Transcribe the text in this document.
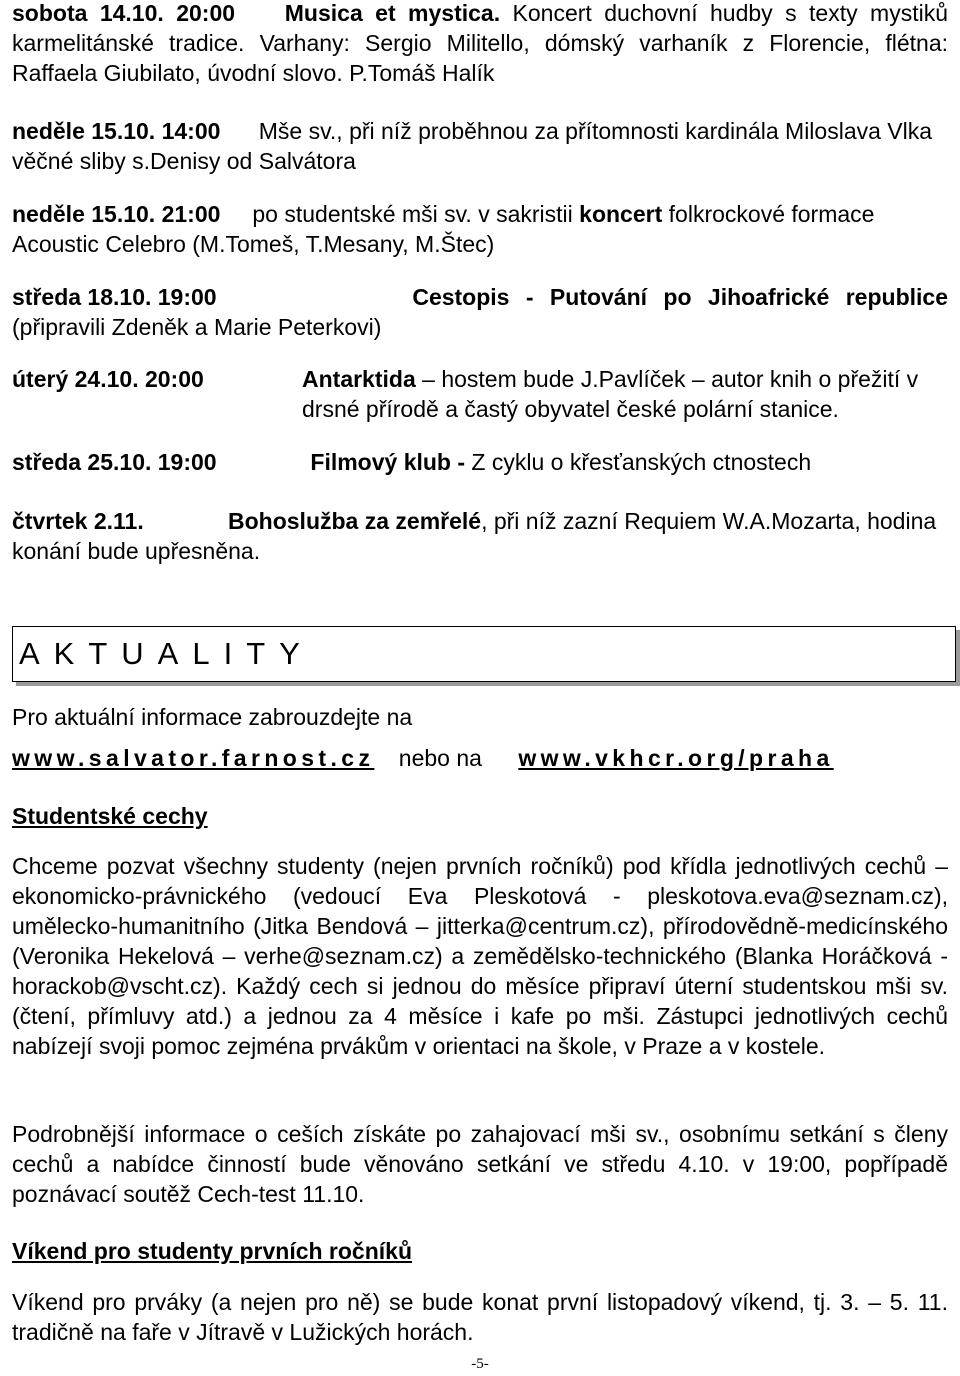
sobota 14.10. 20:00 Musica et mystica. Koncert duchovní hudby s texty mystiků karmelitánské tradice. Varhany: Sergio Militello, dómský varhaník z Florencie, flétna: Raffaela Giubilato, úvodní slovo. P.Tomáš Halík
neděle 15.10. 14:00 Mše sv., při níž proběhnou za přítomnosti kardinála Miloslava Vlka věčné sliby s.Denisy od Salvátora
neděle 15.10. 21:00 po studentské mši sv. v sakristii koncert folkrockové formace Acoustic Celebro (M.Tomeš, T.Mesany, M.Štec)
středa 18.10. 19:00	Cestopis - Putování po Jihoafrické republice
(připravili Zdeněk a Marie Peterkovi)
úterý 24.10. 20:00	Antarktida – hostem bude J.Pavlíček – autor knih o přežití v drsné přírodě a častý obyvatel české polární stanice.
středa 25.10. 19:00	Filmový klub - Z cyklu o křesťanských ctnostech
čtvrtek 2.11.	Bohoslužba za zemřelé, při níž zazní Requiem W.A.Mozarta, hodina konání bude upřesněna.
AKTUALITY
Pro aktuální informace zabrouzdejte na
www.salvator.farnost.cz nebo na www.vkhcr.org/praha
Studentské cechy
Chceme pozvat všechny studenty (nejen prvních ročníků) pod křídla jednotlivých cechů – ekonomicko-právnického (vedoucí Eva Pleskotová - pleskotova.eva@seznam.cz), umělecko-humanitního (Jitka Bendová – jitterka@centrum.cz), přírodovědně-medicínského (Veronika Hekelová – verhe@seznam.cz) a zemědělsko-technického (Blanka Horáčková - horackob@vscht.cz). Každý cech si jednou do měsíce připraví úterní studentskou mši sv. (čtení, přímluvy atd.) a jednou za 4 měsíce i kafe po mši. Zástupci jednotlivých cechů nabízejí svoji pomoc zejména prvákům v orientaci na škole, v Praze a v kostele.
Podrobnější informace o ceších získáte po zahajovací mši sv., osobnímu setkání s členy cechů a nabídce činností bude věnováno setkání ve středu 4.10. v 19:00, popřípadě poznávací soutěž Cech-test 11.10.
Víkend pro studenty prvních ročníků
Víkend pro prváky (a nejen pro ně) se bude konat první listopadový víkend, tj. 3. – 5. 11. tradičně na faře v Jítravě v Lužických horách.
-5-
